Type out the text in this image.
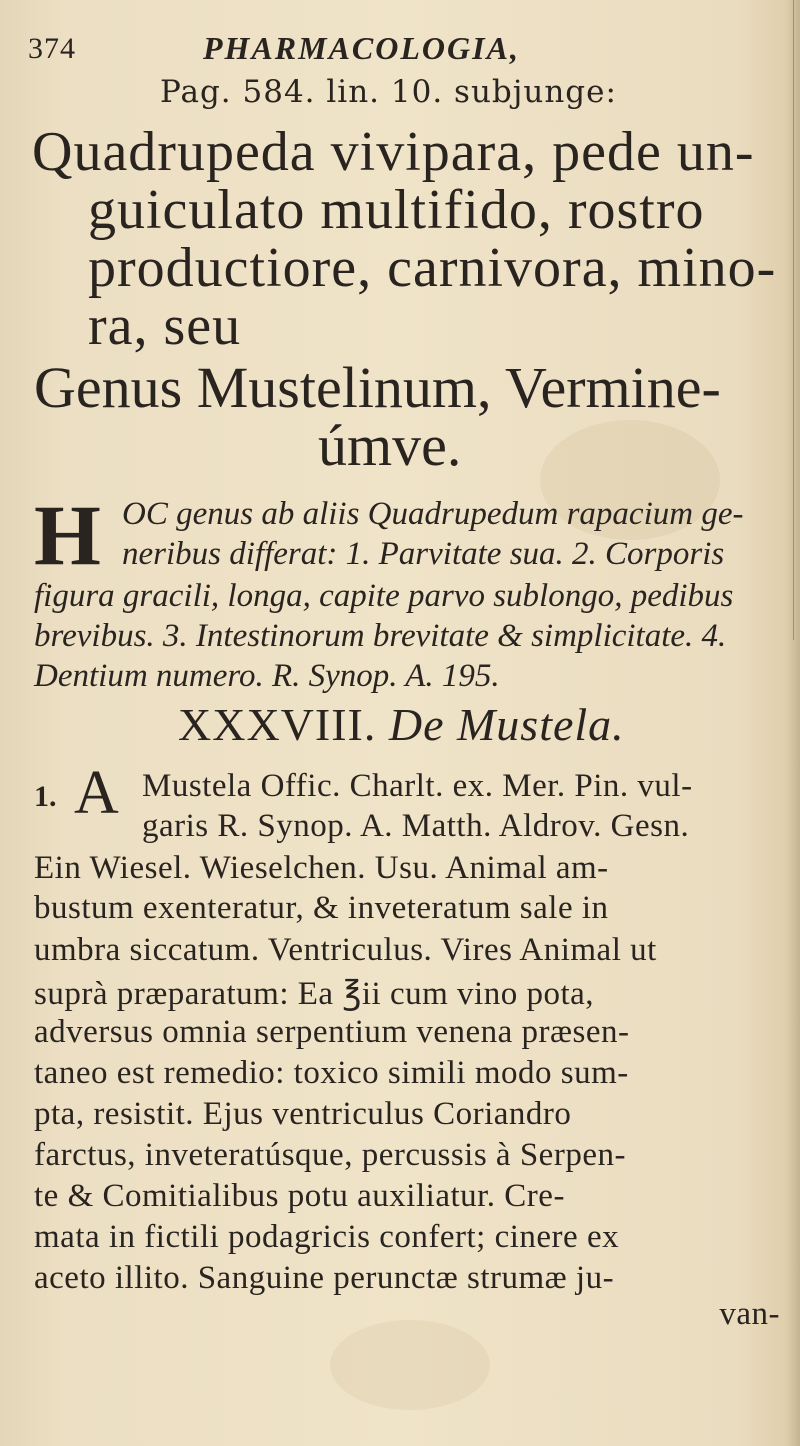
374	PHARMACOLOGIA,
Pag. 584. lin. 10. subjunge:
Quadrupeda vivipara, pede un-
guiculato multifido, rostro
productiore, carnivora, mino-
ra, seu
Genus Mustelinum, Vermine-
úmve.
H OC genus ab aliis Quadrupedum rapacium ge-
neribus differat: 1. Parvitate sua. 2. Corporis
figura gracili, longa, capite parvo sublongo, pedibus
brevibus. 3. Intestinorum brevitate & simplicitate. 4.
Dentium numero. R. Synop. A. 195.
XXXVIII. De Mustela.
1. A Mustela Offic. Charlt. ex. Mer. Pin. vul-
garis R. Synop. A. Matth. Aldrov. Gesn.
Ein Wiesel. Wieselchen. Usu. Animal am-
bustum exenteratur, & inveteratum sale in
umbra siccatum. Ventriculus. Vires Animal ut
suprà præparatum: Ea ℥ii cum vino pota,
adversus omnia serpentium venena præsen-
taneo est remedio: toxico simili modo sum-
pta, resistit. Ejus ventriculus Coriandro
farctus, inveteratúsque, percussis à Serpen-
te & Comitialibus potu auxiliatur. Cre-
mata in fictili podagricis confert; cinere ex
aceto illito. Sanguine perunctæ strumæ ju-
van-
